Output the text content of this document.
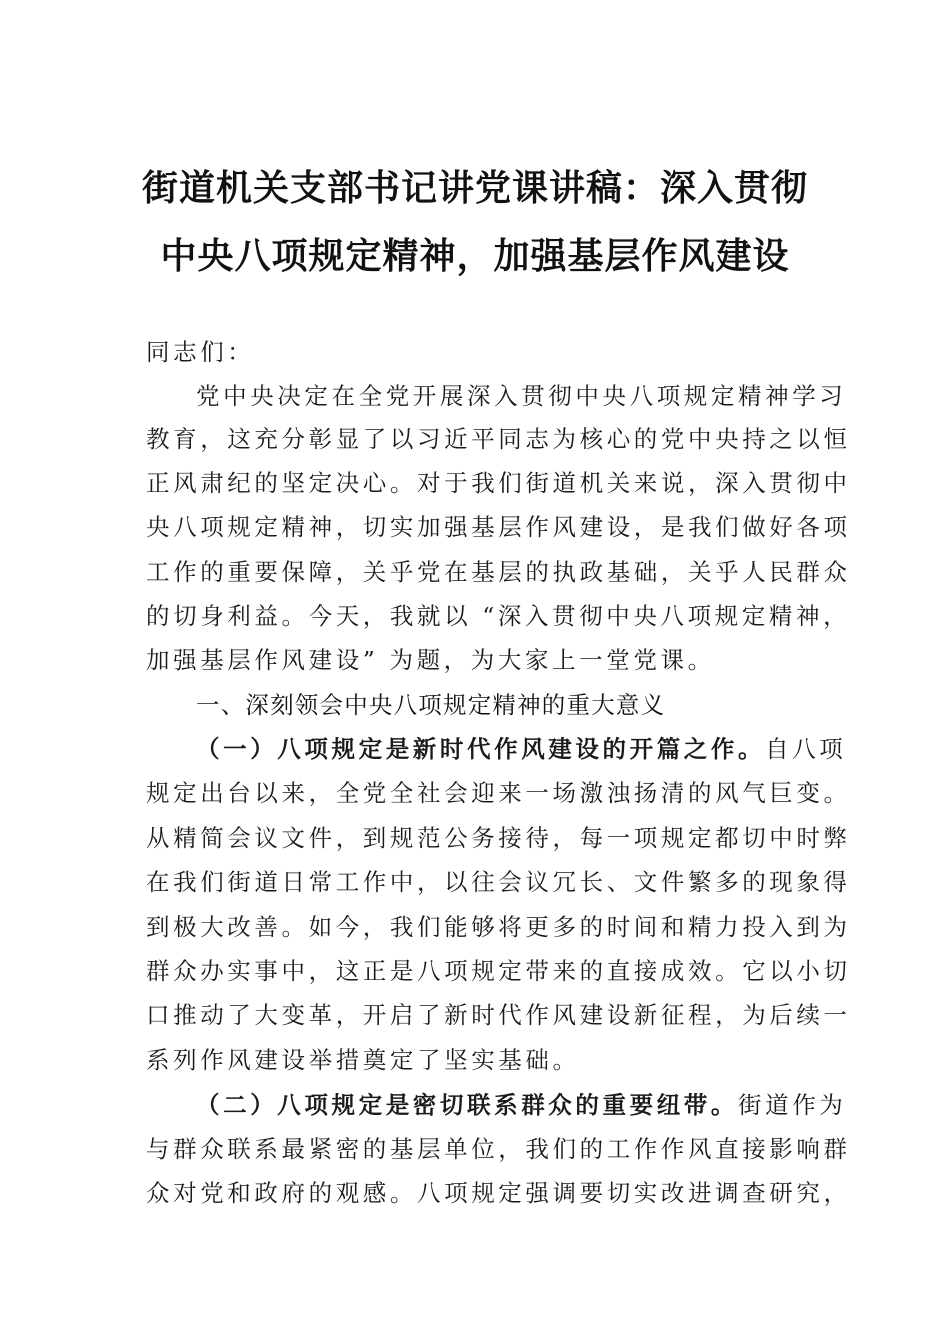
街道机关支部书记讲党课讲稿：深入贯彻
中央八项规定精神，加强基层作风建设
同志们：
党中央决定在全党开展深入贯彻中央八项规定精神学习
教育，这充分彰显了以习近平同志为核心的党中央持之以恒
正风肃纪的坚定决心。对于我们街道机关来说，深入贯彻中
央八项规定精神，切实加强基层作风建设，是我们做好各项
工作的重要保障，关乎党在基层的执政基础，关乎人民群众
的切身利益。今天，我就以 “深入贯彻中央八项规定精神，
加强基层作风建设” 为题，为大家上一堂党课。
一、深刻领会中央八项规定精神的重大意义
（一）八项规定是新时代作风建设的开篇之作。自八项
规定出台以来，全党全社会迎来一场激浊扬清的风气巨变。
从精简会议文件，到规范公务接待，每一项规定都切中时弊
在我们街道日常工作中，以往会议冗长、文件繁多的现象得
到极大改善。如今，我们能够将更多的时间和精力投入到为
群众办实事中，这正是八项规定带来的直接成效。它以小切
口推动了大变革，开启了新时代作风建设新征程，为后续一
系列作风建设举措奠定了坚实基础。
（二）八项规定是密切联系群众的重要纽带。街道作为
与群众联系最紧密的基层单位，我们的工作作风直接影响群
众对党和政府的观感。八项规定强调要切实改进调查研究，
